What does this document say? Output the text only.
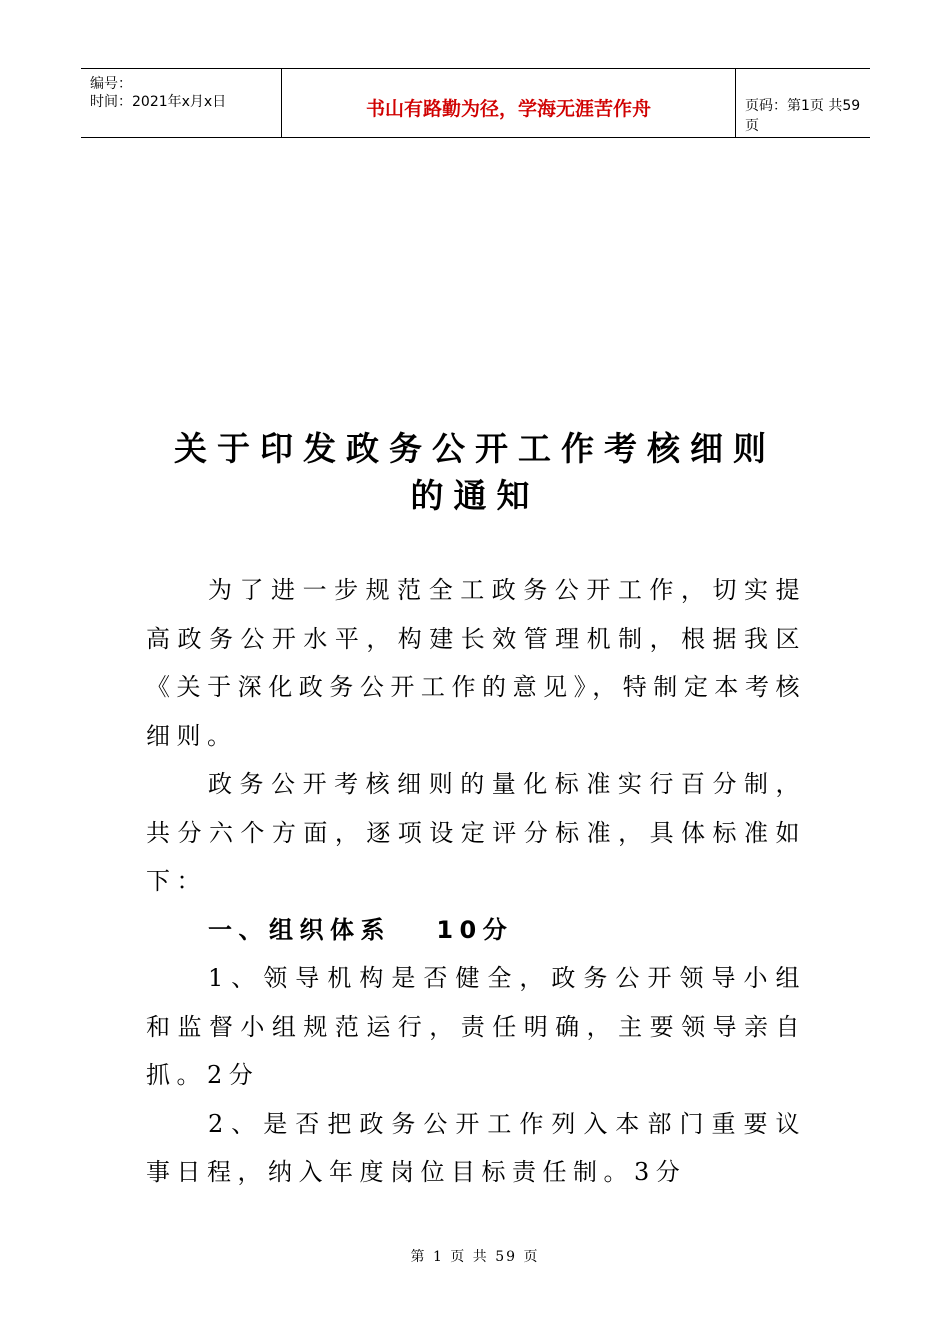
编号：
时间：2021年x月x日	书山有路勤为径，学海无涯苦作舟	页码：第1页 共59页
关于印发政务公开工作考核细则
的通知

为了进一步规范全工政务公开工作，切实提高政务公开水平，构建长效管理机制，根据我区《关于深化政务公开工作的意见》，特制定本考核细则。

政务公开考核细则的量化标准实行百分制，共分六个方面，逐项设定评分标准，具体标准如下：

一、组织体系　 10分

1、领导机构是否健全，政务公开领导小组和监督小组规范运行，责任明确，主要领导亲自抓。2分

2、是否把政务公开工作列入本部门重要议事日程，纳入年度岗位目标责任制。3分

第 1 页 共 59 页
